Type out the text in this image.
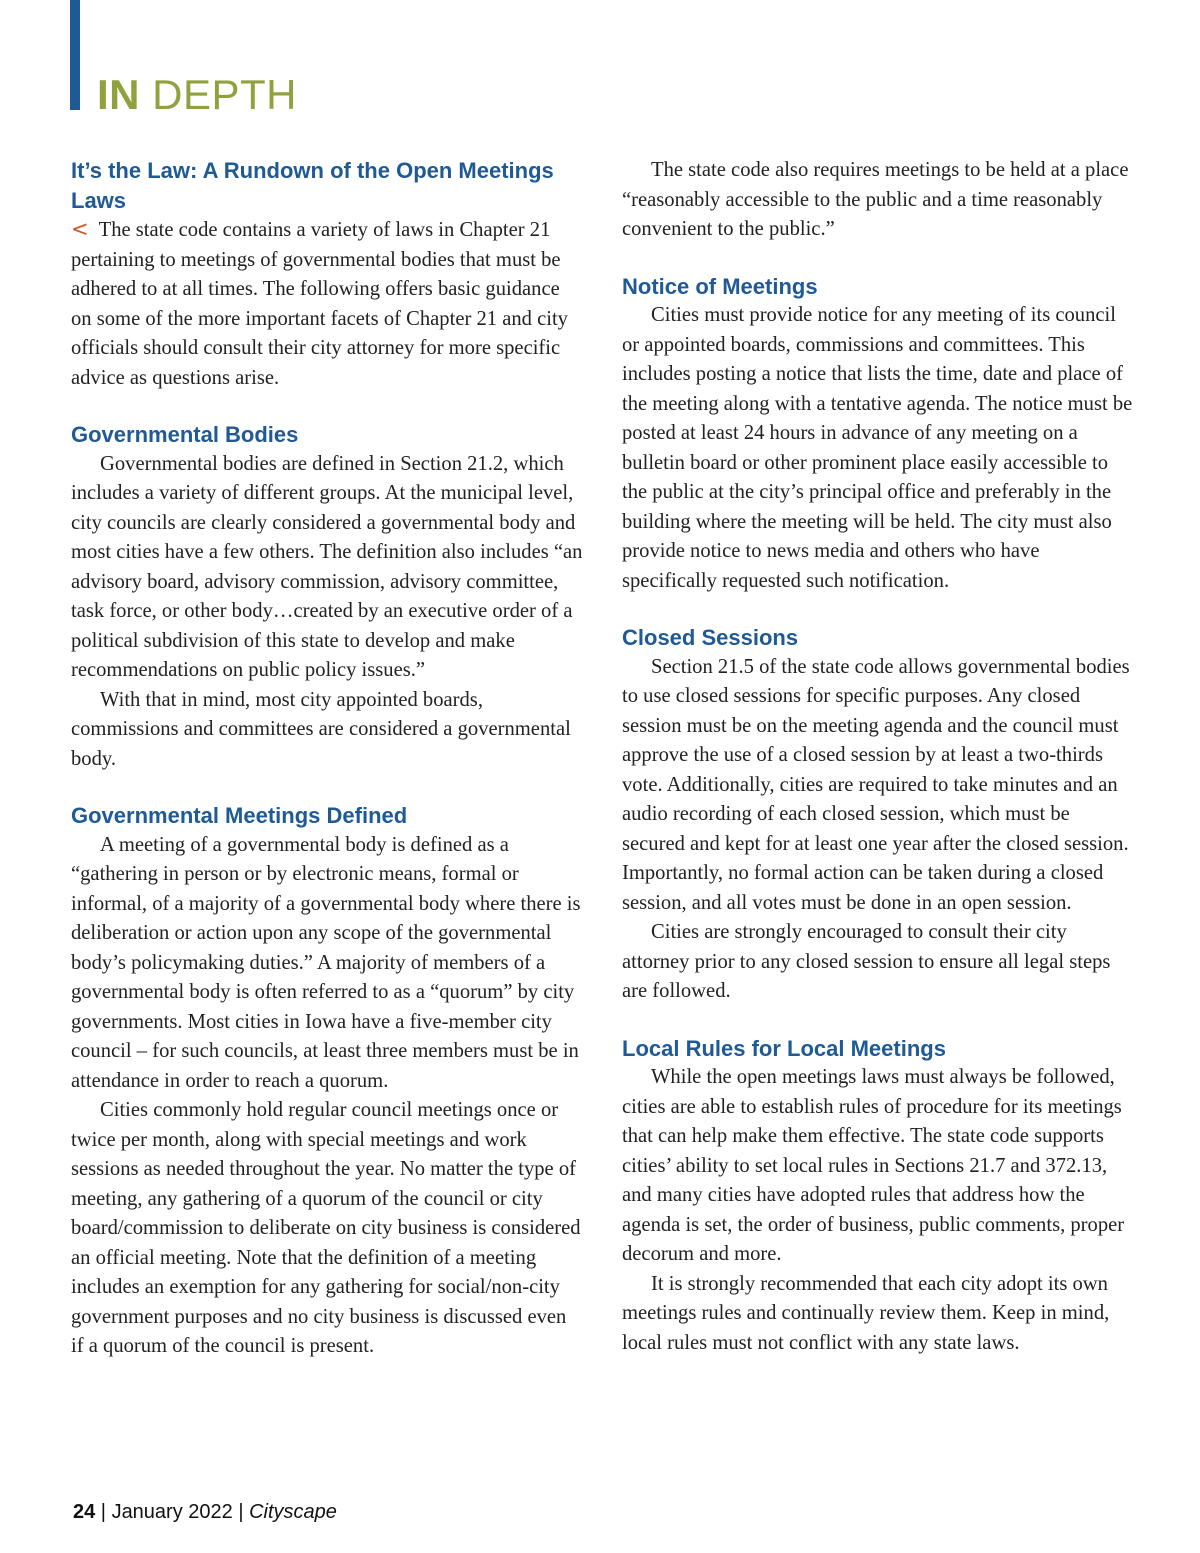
IN DEPTH
It’s the Law: A Rundown of the Open Meetings Laws

< The state code contains a variety of laws in Chapter 21 pertaining to meetings of governmental bodies that must be adhered to at all times. The following offers basic guidance on some of the more important facets of Chapter 21 and city officials should consult their city attorney for more specific advice as questions arise.

Governmental Bodies

Governmental bodies are defined in Section 21.2, which includes a variety of different groups. At the municipal level, city councils are clearly considered a governmental body and most cities have a few others. The definition also includes “an advisory board, advisory commission, advisory committee, task force, or other body…created by an executive order of a political subdivision of this state to develop and make recommendations on public policy issues.”

With that in mind, most city appointed boards, commissions and committees are considered a governmental body.

Governmental Meetings Defined

A meeting of a governmental body is defined as a “gathering in person or by electronic means, formal or informal, of a majority of a governmental body where there is deliberation or action upon any scope of the governmental body’s policymaking duties.” A majority of members of a governmental body is often referred to as a “quorum” by city governments. Most cities in Iowa have a five-member city council – for such councils, at least three members must be in attendance in order to reach a quorum.

Cities commonly hold regular council meetings once or twice per month, along with special meetings and work sessions as needed throughout the year. No matter the type of meeting, any gathering of a quorum of the council or city board/commission to deliberate on city business is considered an official meeting. Note that the definition of a meeting includes an exemption for any gathering for social/non-city government purposes and no city business is discussed even if a quorum of the council is present.

The state code also requires meetings to be held at a place “reasonably accessible to the public and a time reasonably convenient to the public.”

Notice of Meetings

Cities must provide notice for any meeting of its council or appointed boards, commissions and committees. This includes posting a notice that lists the time, date and place of the meeting along with a tentative agenda. The notice must be posted at least 24 hours in advance of any meeting on a bulletin board or other prominent place easily accessible to the public at the city’s principal office and preferably in the building where the meeting will be held. The city must also provide notice to news media and others who have specifically requested such notification.

Closed Sessions

Section 21.5 of the state code allows governmental bodies to use closed sessions for specific purposes. Any closed session must be on the meeting agenda and the council must approve the use of a closed session by at least a two-thirds vote. Additionally, cities are required to take minutes and an audio recording of each closed session, which must be secured and kept for at least one year after the closed session. Importantly, no formal action can be taken during a closed session, and all votes must be done in an open session.

Cities are strongly encouraged to consult their city attorney prior to any closed session to ensure all legal steps are followed.

Local Rules for Local Meetings

While the open meetings laws must always be followed, cities are able to establish rules of procedure for its meetings that can help make them effective. The state code supports cities’ ability to set local rules in Sections 21.7 and 372.13, and many cities have adopted rules that address how the agenda is set, the order of business, public comments, proper decorum and more.

It is strongly recommended that each city adopt its own meetings rules and continually review them. Keep in mind, local rules must not conflict with any state laws.

24 | January 2022 | Cityscape
